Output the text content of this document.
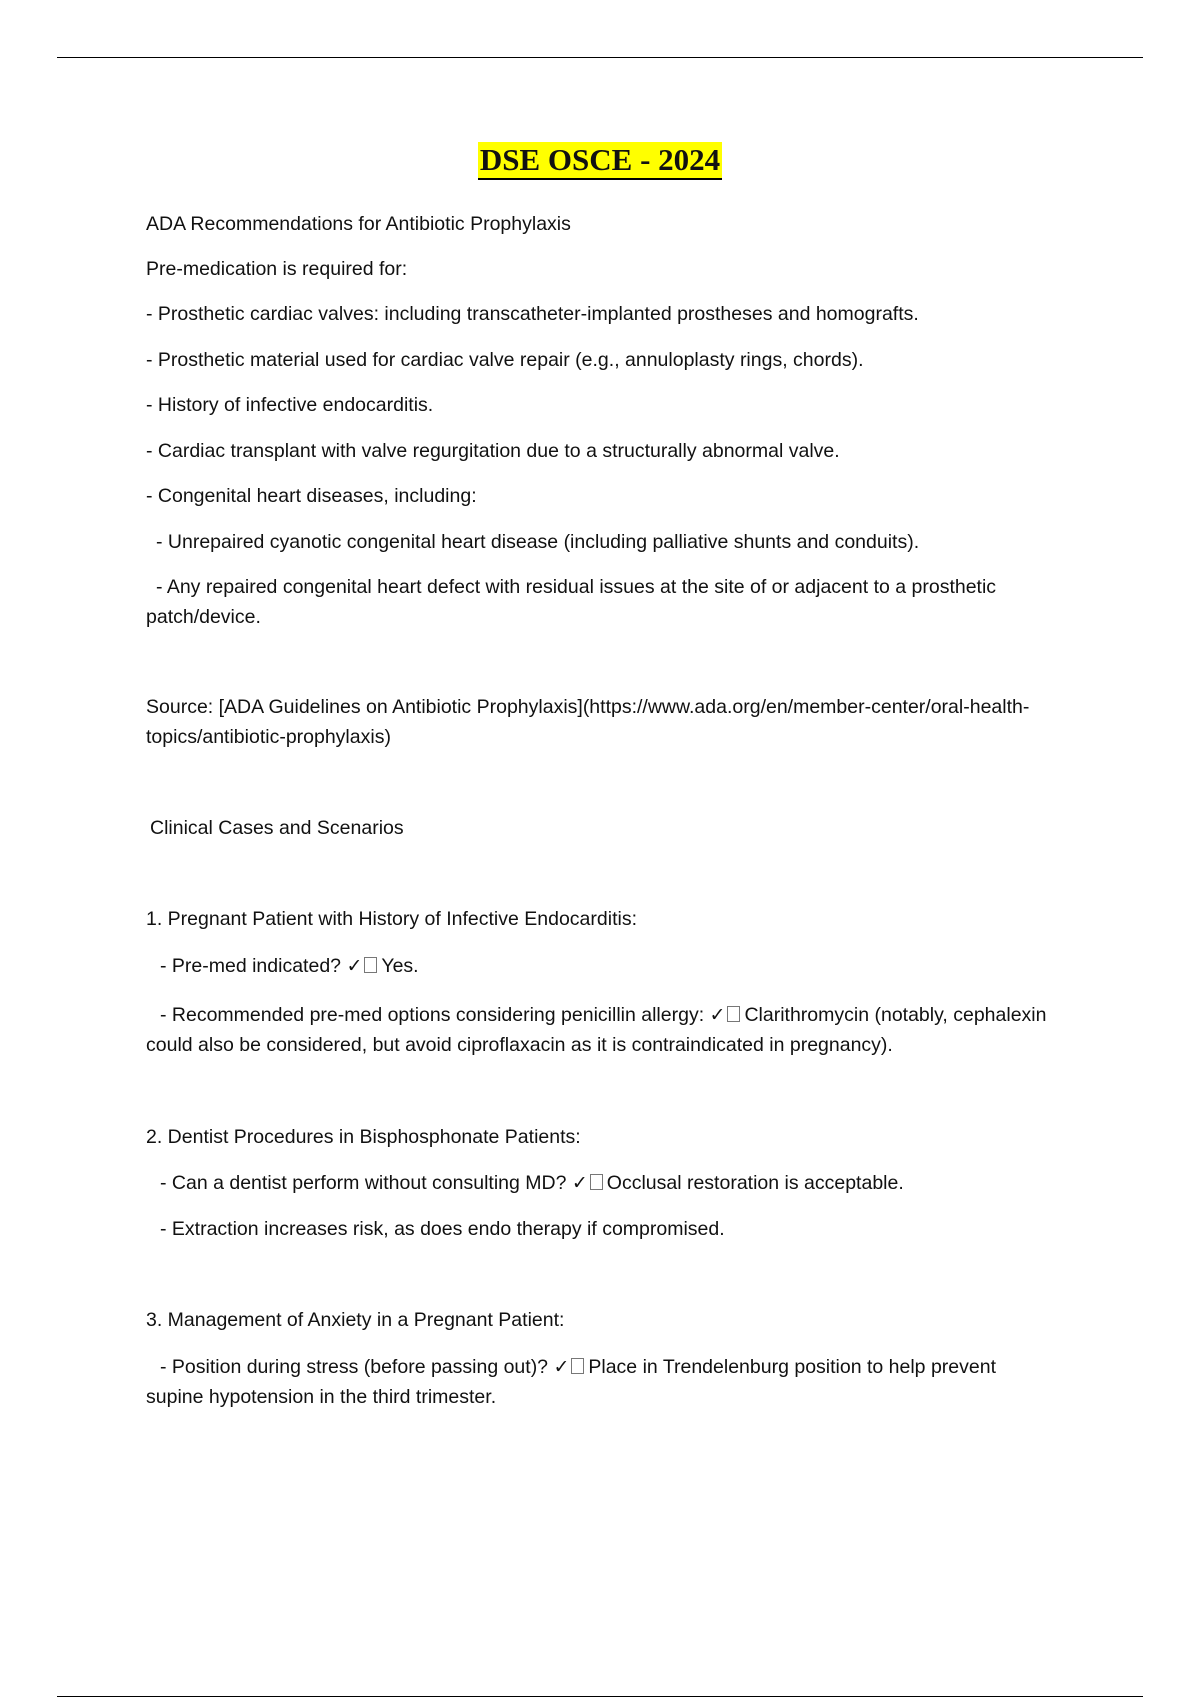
DSE OSCE - 2024
ADA Recommendations for Antibiotic Prophylaxis
Pre-medication is required for:
- Prosthetic cardiac valves: including transcatheter-implanted prostheses and homografts.
- Prosthetic material used for cardiac valve repair (e.g., annuloplasty rings, chords).
- History of infective endocarditis.
- Cardiac transplant with valve regurgitation due to a structurally abnormal valve.
- Congenital heart diseases, including:
- Unrepaired cyanotic congenital heart disease (including palliative shunts and conduits).
- Any repaired congenital heart defect with residual issues at the site of or adjacent to a prosthetic patch/device.
Source: [ADA Guidelines on Antibiotic Prophylaxis](https://www.ada.org/en/member-center/oral-health-topics/antibiotic-prophylaxis)
Clinical Cases and Scenarios
1. Pregnant Patient with History of Infective Endocarditis:
- Pre-med indicated? ✓ Yes.
- Recommended pre-med options considering penicillin allergy: ✓ Clarithromycin (notably, cephalexin could also be considered, but avoid ciproflaxacin as it is contraindicated in pregnancy).
2. Dentist Procedures in Bisphosphonate Patients:
- Can a dentist perform without consulting MD? ✓ Occlusal restoration is acceptable.
- Extraction increases risk, as does endo therapy if compromised.
3. Management of Anxiety in a Pregnant Patient:
- Position during stress (before passing out)? ✓ Place in Trendelenburg position to help prevent supine hypotension in the third trimester.
